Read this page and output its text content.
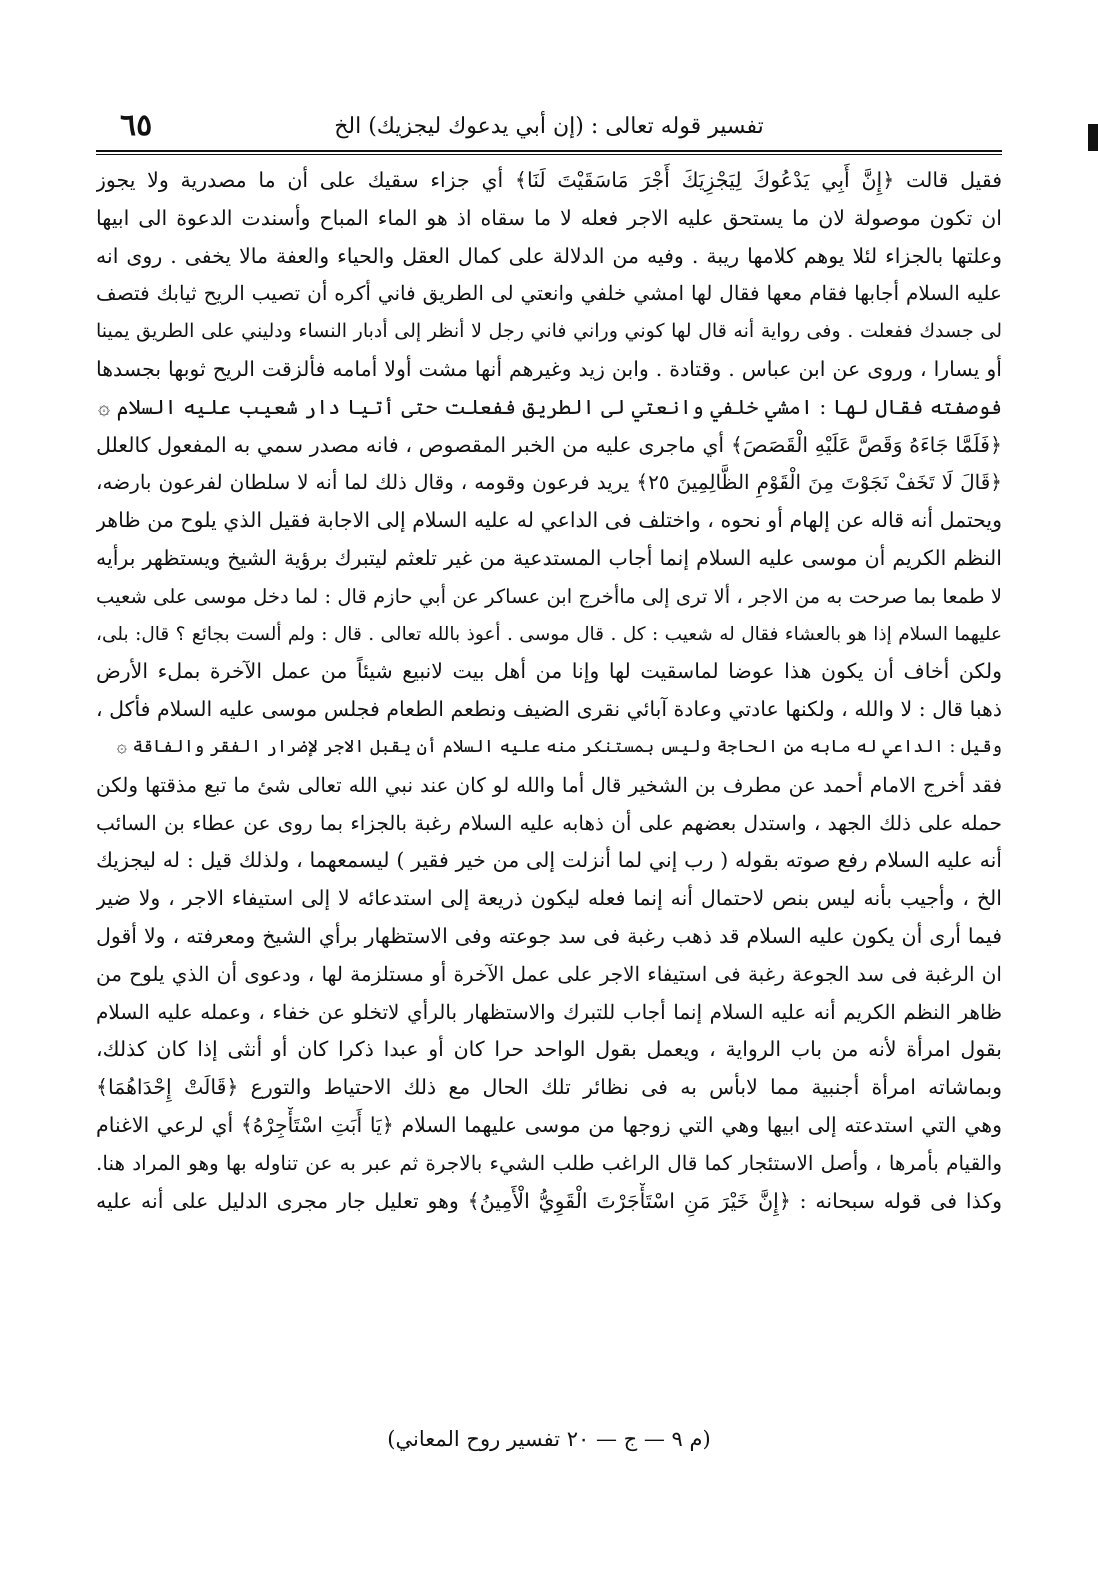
٦٥	تفسير قوله تعالى : (إن أبي يدعوك ليجزيك) الخ
فقيل قالت ﴿إِنَّ أَبِي يَدْعُوكَ لِيَجْزِيَكَ أَجْرَ مَاسَقَيْتَ لَنَا﴾ أي جزاء سقيك على أن ما مصدرية ولا يجوز
ان تكون موصولة لان ما يستحق عليه الاجر فعله لا ما سقاه اذ هو الماء المباح وأسندت الدعوة الى ابيها
وعلتها بالجزاء لئلا يوهم كلامها ريبة . وفيه من الدلالة على كمال العقل والحياء والعفة مالا يخفى . روى انه
عليه السلام أجابها فقام معها فقال لها امشي خلفي وانعتي لى الطريق فاني أكره أن تصيب الريح ثيابك فتصف
لى جسدك ففعلت . وفى رواية أنه قال لها كوني وراني فاني رجل لا أنظر إلى أدبار النساء ودليني على الطريق يمينا
أو يسارا ، وروى عن ابن عباس . وقتادة . وابن زيد وغيرهم أنها مشت أولا أمامه فألزقت الريح ثوبها بجسدها
فوصفته فقال لها : امشي خلفي وانعتي لى الطريق ففعلت حتى أتيا دار شعيب عليه السلام ۞
﴿فَلَمَّا جَاءَهُ وَقَصَّ عَلَيْهِ الْقَصَصَ﴾ أي ماجرى عليه من الخبر المقصوص ، فانه مصدر سمي به المفعول كالعلل
﴿قَالَ لَا تَخَفْ نَجَوْتَ مِنَ الْقَوْمِ الظَّالِمِينَ ٢٥﴾ يريد فرعون وقومه ، وقال ذلك لما أنه لا سلطان لفرعون بارضه،
ويحتمل أنه قاله عن إلهام أو نحوه ، واختلف فى الداعي له عليه السلام إلى الاجابة فقيل الذي يلوح من ظاهر
النظم الكريم أن موسى عليه السلام إنما أجاب المستدعية من غير تلعثم ليتبرك برؤية الشيخ ويستظهر برأيه
لا طمعا بما صرحت به من الاجر ، ألا ترى إلى ماأخرج ابن عساكر عن أبي حازم قال : لما دخل موسى على شعيب
عليهما السلام إذا هو بالعشاء فقال له شعيب : كل . قال موسى . أعوذ بالله تعالى . قال : ولم ألست بجائع ؟ قال: بلى،
ولكن أخاف أن يكون هذا عوضا لماسقيت لها وإنا من أهل بيت لانبيع شيئاً من عمل الآخرة بملء الأرض
ذهبا قال : لا والله ، ولكنها عادتي وعادة آبائي نقرى الضيف ونطعم الطعام فجلس موسى عليه السلام فأكل ،
وقيل : الداعي له مابه من الحاجة وليس بمستنكر منه عليه السلام أن يقبل الاجر لإضرار الفقر والفاقة ۞
فقد أخرج الامام أحمد عن مطرف بن الشخير قال أما والله لو كان عند نبي الله تعالى شئ ما تبع مذقتها ولكن
حمله على ذلك الجهد ، واستدل بعضهم على أن ذهابه عليه السلام رغبة بالجزاء بما روى عن عطاء بن السائب
أنه عليه السلام رفع صوته بقوله ( رب إني لما أنزلت إلى من خير فقير ) ليسمعهما ، ولذلك قيل : له ليجزيك
الخ ، وأجيب بأنه ليس بنص لاحتمال أنه إنما فعله ليكون ذريعة إلى استدعائه لا إلى استيفاء الاجر ، ولا ضير
فيما أرى أن يكون عليه السلام قد ذهب رغبة فى سد جوعته وفى الاستظهار برأي الشيخ ومعرفته ، ولا أقول
ان الرغبة فى سد الجوعة رغبة فى استيفاء الاجر على عمل الآخرة أو مستلزمة لها ، ودعوى أن الذي يلوح من
ظاهر النظم الكريم أنه عليه السلام إنما أجاب للتبرك والاستظهار بالرأي لاتخلو عن خفاء ، وعمله عليه السلام
بقول امرأة لأنه من باب الرواية ، ويعمل بقول الواحد حرا كان أو عبدا ذكرا كان أو أنثى إذا كان كذلك،
وبماشاته امرأة أجنبية مما لابأس به فى نظائر تلك الحال مع ذلك الاحتياط والتورع ﴿قَالَتْ إِحْدَاهُمَا﴾
وهي التي استدعته إلى ابيها وهي التي زوجها من موسى عليهما السلام ﴿يَا أَبَتِ اسْتَأْجِرْهُ﴾ أي لرعي الاغنام
والقيام بأمرها ، وأصل الاستئجار كما قال الراغب طلب الشيء بالاجرة ثم عبر به عن تناوله بها وهو المراد هنا.
وكذا فى قوله سبحانه : ﴿إِنَّ خَيْرَ مَنِ اسْتَأْجَرْتَ الْقَوِيُّ الْأَمِينُ﴾ وهو تعليل جار مجرى الدليل على أنه عليه
(م ٩ — ج — ٢٠ تفسير روح المعاني)
